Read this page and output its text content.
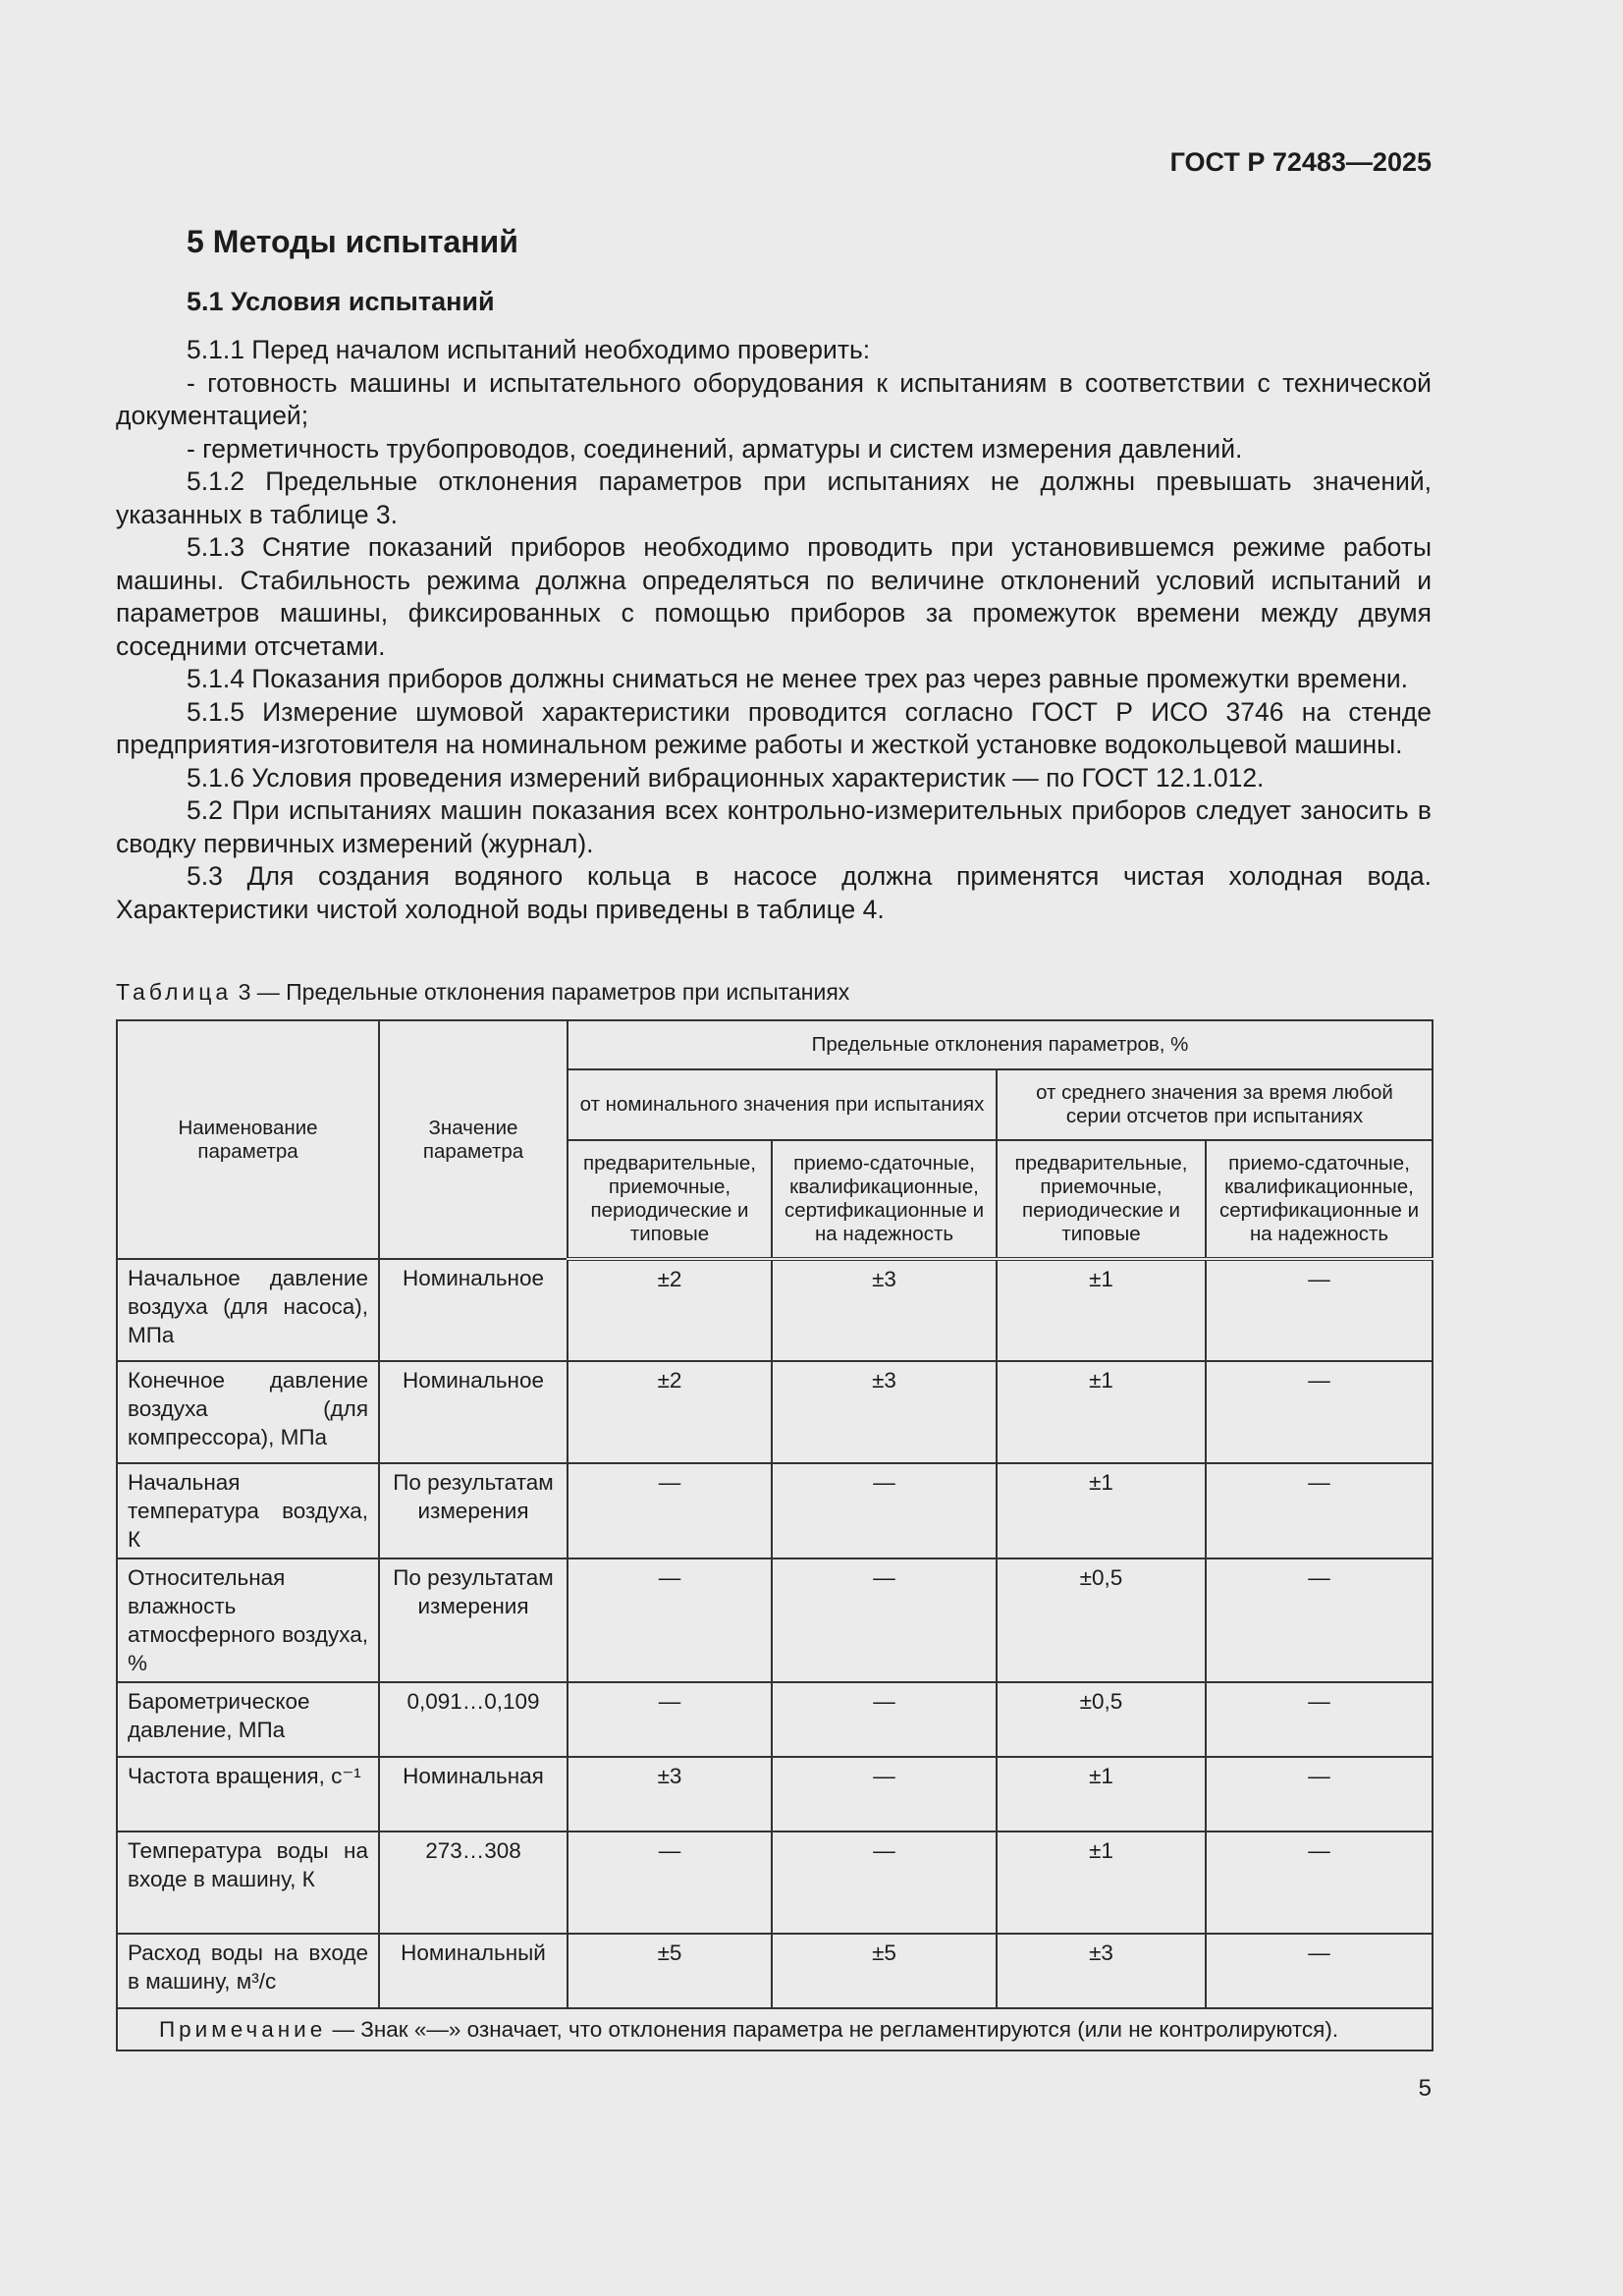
ГОСТ Р 72483—2025
5 Методы испытаний
5.1 Условия испытаний

5.1.1 Перед началом испытаний необходимо проверить:

- готовность машины и испытательного оборудования к испытаниям в соответствии с технической документацией;

- герметичность трубопроводов, соединений, арматуры и систем измерения давлений.

5.1.2 Предельные отклонения параметров при испытаниях не должны превышать значений, указанных в таблице 3.

5.1.3 Снятие показаний приборов необходимо проводить при установившемся режиме работы машины. Стабильность режима должна определяться по величине отклонений условий испытаний и параметров машины, фиксированных с помощью приборов за промежуток времени между двумя соседними отсчетами.

5.1.4 Показания приборов должны сниматься не менее трех раз через равные промежутки времени.

5.1.5 Измерение шумовой характеристики проводится согласно ГОСТ Р ИСО 3746 на стенде предприятия-изготовителя на номинальном режиме работы и жесткой установке водокольцевой машины.

5.1.6 Условия проведения измерений вибрационных характеристик — по ГОСТ 12.1.012.

5.2 При испытаниях машин показания всех контрольно-измерительных приборов следует заносить в сводку первичных измерений (журнал).

5.3 Для создания водяного кольца в насосе должна применятся чистая холодная вода. Характеристики чистой холодной воды приведены в таблице 4.

Таблица 3 — Предельные отклонения параметров при испытаниях
Наименование параметра	Значение параметра	Предельные отклонения параметров, %			
		от номинального значения при испытаниях		от среднего значения за время любой серии отсчетов при испытаниях	
		предварительные, приемочные, периодические и типовые	приемо-сдаточные, квалификационные, сертификационные и на надежность	предварительные, приемочные, периодические и типовые	приемо-сдаточные, квалификационные, сертификационные и на надежность
Начальное давление воздуха (для насоса), МПа	Номинальное	±2	±3	±1	—
Конечное давление воздуха (для компрессора), МПа	Номинальное	±2	±3	±1	—
Начальная температура воздуха, К	По результатам измерения	—	—	±1	—
Относительная влажность атмосферного воздуха, %	По результатам измерения	—	—	±0,5	—
Барометрическое давление, МПа	0,091…0,109	—	—	±0,5	—
Частота вращения, с⁻¹	Номинальная	±3	—	±1	—
Температура воды на входе в машину, К	273…308	—	—	±1	—
Расход воды на входе в машину, м³/с	Номинальный	±5	±5	±3	—
Примечание — Знак «—» означает, что отклонения параметра не регламентируются (или не контролируются).					
5
